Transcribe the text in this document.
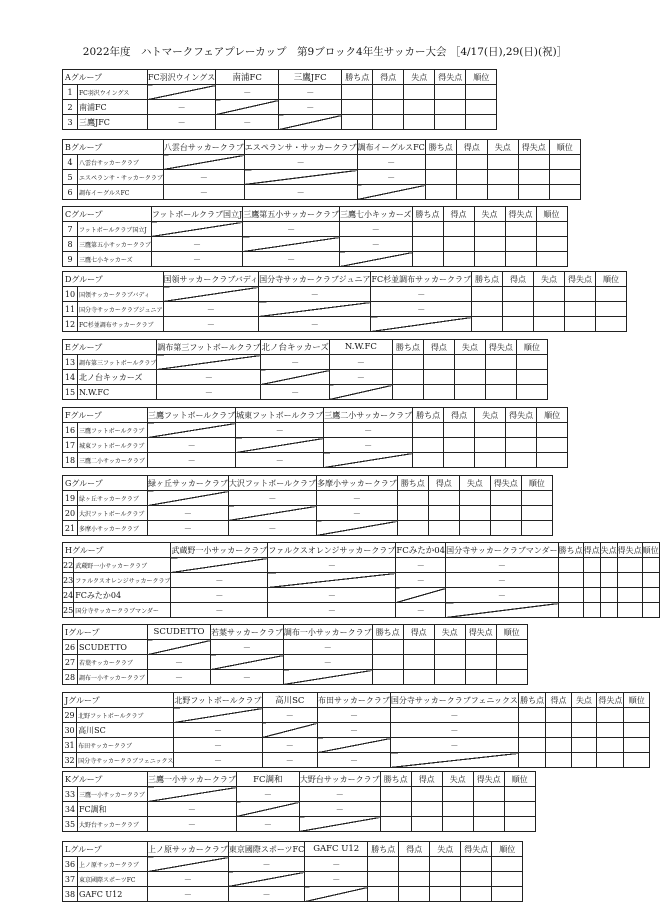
2022年度　ハトマークフェアプレーカップ　第9ブロック4年生サッカー大会 ［4/17(日),29(日)(祝)］
Aグループ		FC羽沢ウイングス	南浦FC	三鷹JFC	勝ち点	得点	失点	得失点	順位
1	FC羽沢ウイングス		－	－					
2	南浦FC	－		－					
3	三鷹JFC	－	－						
Bグループ		八雲台サッカークラブ	エスペランサ・サッカークラブ	調布イーグルスFC	勝ち点	得点	失点	得失点	順位
4	八雲台サッカークラブ		－	－					
5	エスペランサ・サッカークラブ	－		－					
6	調布イーグルスFC	－	－						
Cグループ		フットボールクラブ国立J	三鷹第五小サッカークラブ	三鷹七小キッカーズ	勝ち点	得点	失点	得失点	順位
7	フットボールクラブ国立J		－	－					
8	三鷹第五小サッカークラブ	－		－					
9	三鷹七小キッカーズ	－	－						
Dグループ		国領サッカークラブバディ	国分寺サッカークラブジュニア	FC杉並調布サッカークラブ	勝ち点	得点	失点	得失点	順位
10	国領サッカークラブバディ		－	－					
11	国分寺サッカークラブジュニア	－		－					
12	FC杉並調布サッカークラブ	－	－						
Eグループ		調布第三フットボールクラブ	北ノ台キッカーズ	N.W.FC	勝ち点	得点	失点	得失点	順位
13	調布第三フットボールクラブ		－	－					
14	北ノ台キッカーズ	－		－					
15	N.W.FC	－	－						
Fグループ		三鷹フットボールクラブ	城東フットボールクラブ	三鷹二小サッカークラブ	勝ち点	得点	失点	得失点	順位
16	三鷹フットボールクラブ		－	－					
17	城東フットボールクラブ	－		－					
18	三鷹二小サッカークラブ	－	－						
Gグループ		緑ヶ丘サッカークラブ	大沢フットボールクラブ	多摩小サッカークラブ	勝ち点	得点	失点	得失点	順位
19	緑ヶ丘サッカークラブ		－	－					
20	大沢フットボールクラブ	－		－					
21	多摩小サッカークラブ	－	－						
Hグループ		武蔵野一小サッカークラブ	ファルクスオレンジサッカークラブ	FCみたか04	国分寺サッカークラブマンダー	勝ち点	得点	失点	得失点	順位
22	武蔵野一小サッカークラブ		－	－	－					
23	ファルクスオレンジサッカークラブ	－		－	－					
24	FCみたか04	－	－		－					
25	国分寺サッカークラブマンダー	－	－	－						
Iグループ		SCUDETTO	若葉サッカークラブ	調布一小サッカークラブ	勝ち点	得点	失点	得失点	順位
26	SCUDETTO		－	－					
27	若葉サッカークラブ	－		－					
28	調布一小サッカークラブ	－	－						
Jグループ		北野フットボールクラブ	高川SC	布田サッカークラブ	国分寺サッカークラブフェニックス	勝ち点	得点	失点	得失点	順位
29	北野フットボールクラブ		－	－	－					
30	高川SC	－		－	－					
31	布田サッカークラブ	－	－		－					
32	国分寺サッカークラブフェニックス	－	－	－						
Kグループ		三鷹一小サッカークラブ	FC調和	大野台サッカークラブ	勝ち点	得点	失点	得失点	順位
33	三鷹一小サッカークラブ		－	－					
34	FC調和	－		－					
35	大野台サッカークラブ	－	－						
Lグループ		上ノ原サッカークラブ	東京國際スポーツFC	GAFC U12	勝ち点	得点	失点	得失点	順位
36	上ノ原サッカークラブ		－	－					
37	東京國際スポーツFC	－		－					
38	GAFC U12	－	－						
